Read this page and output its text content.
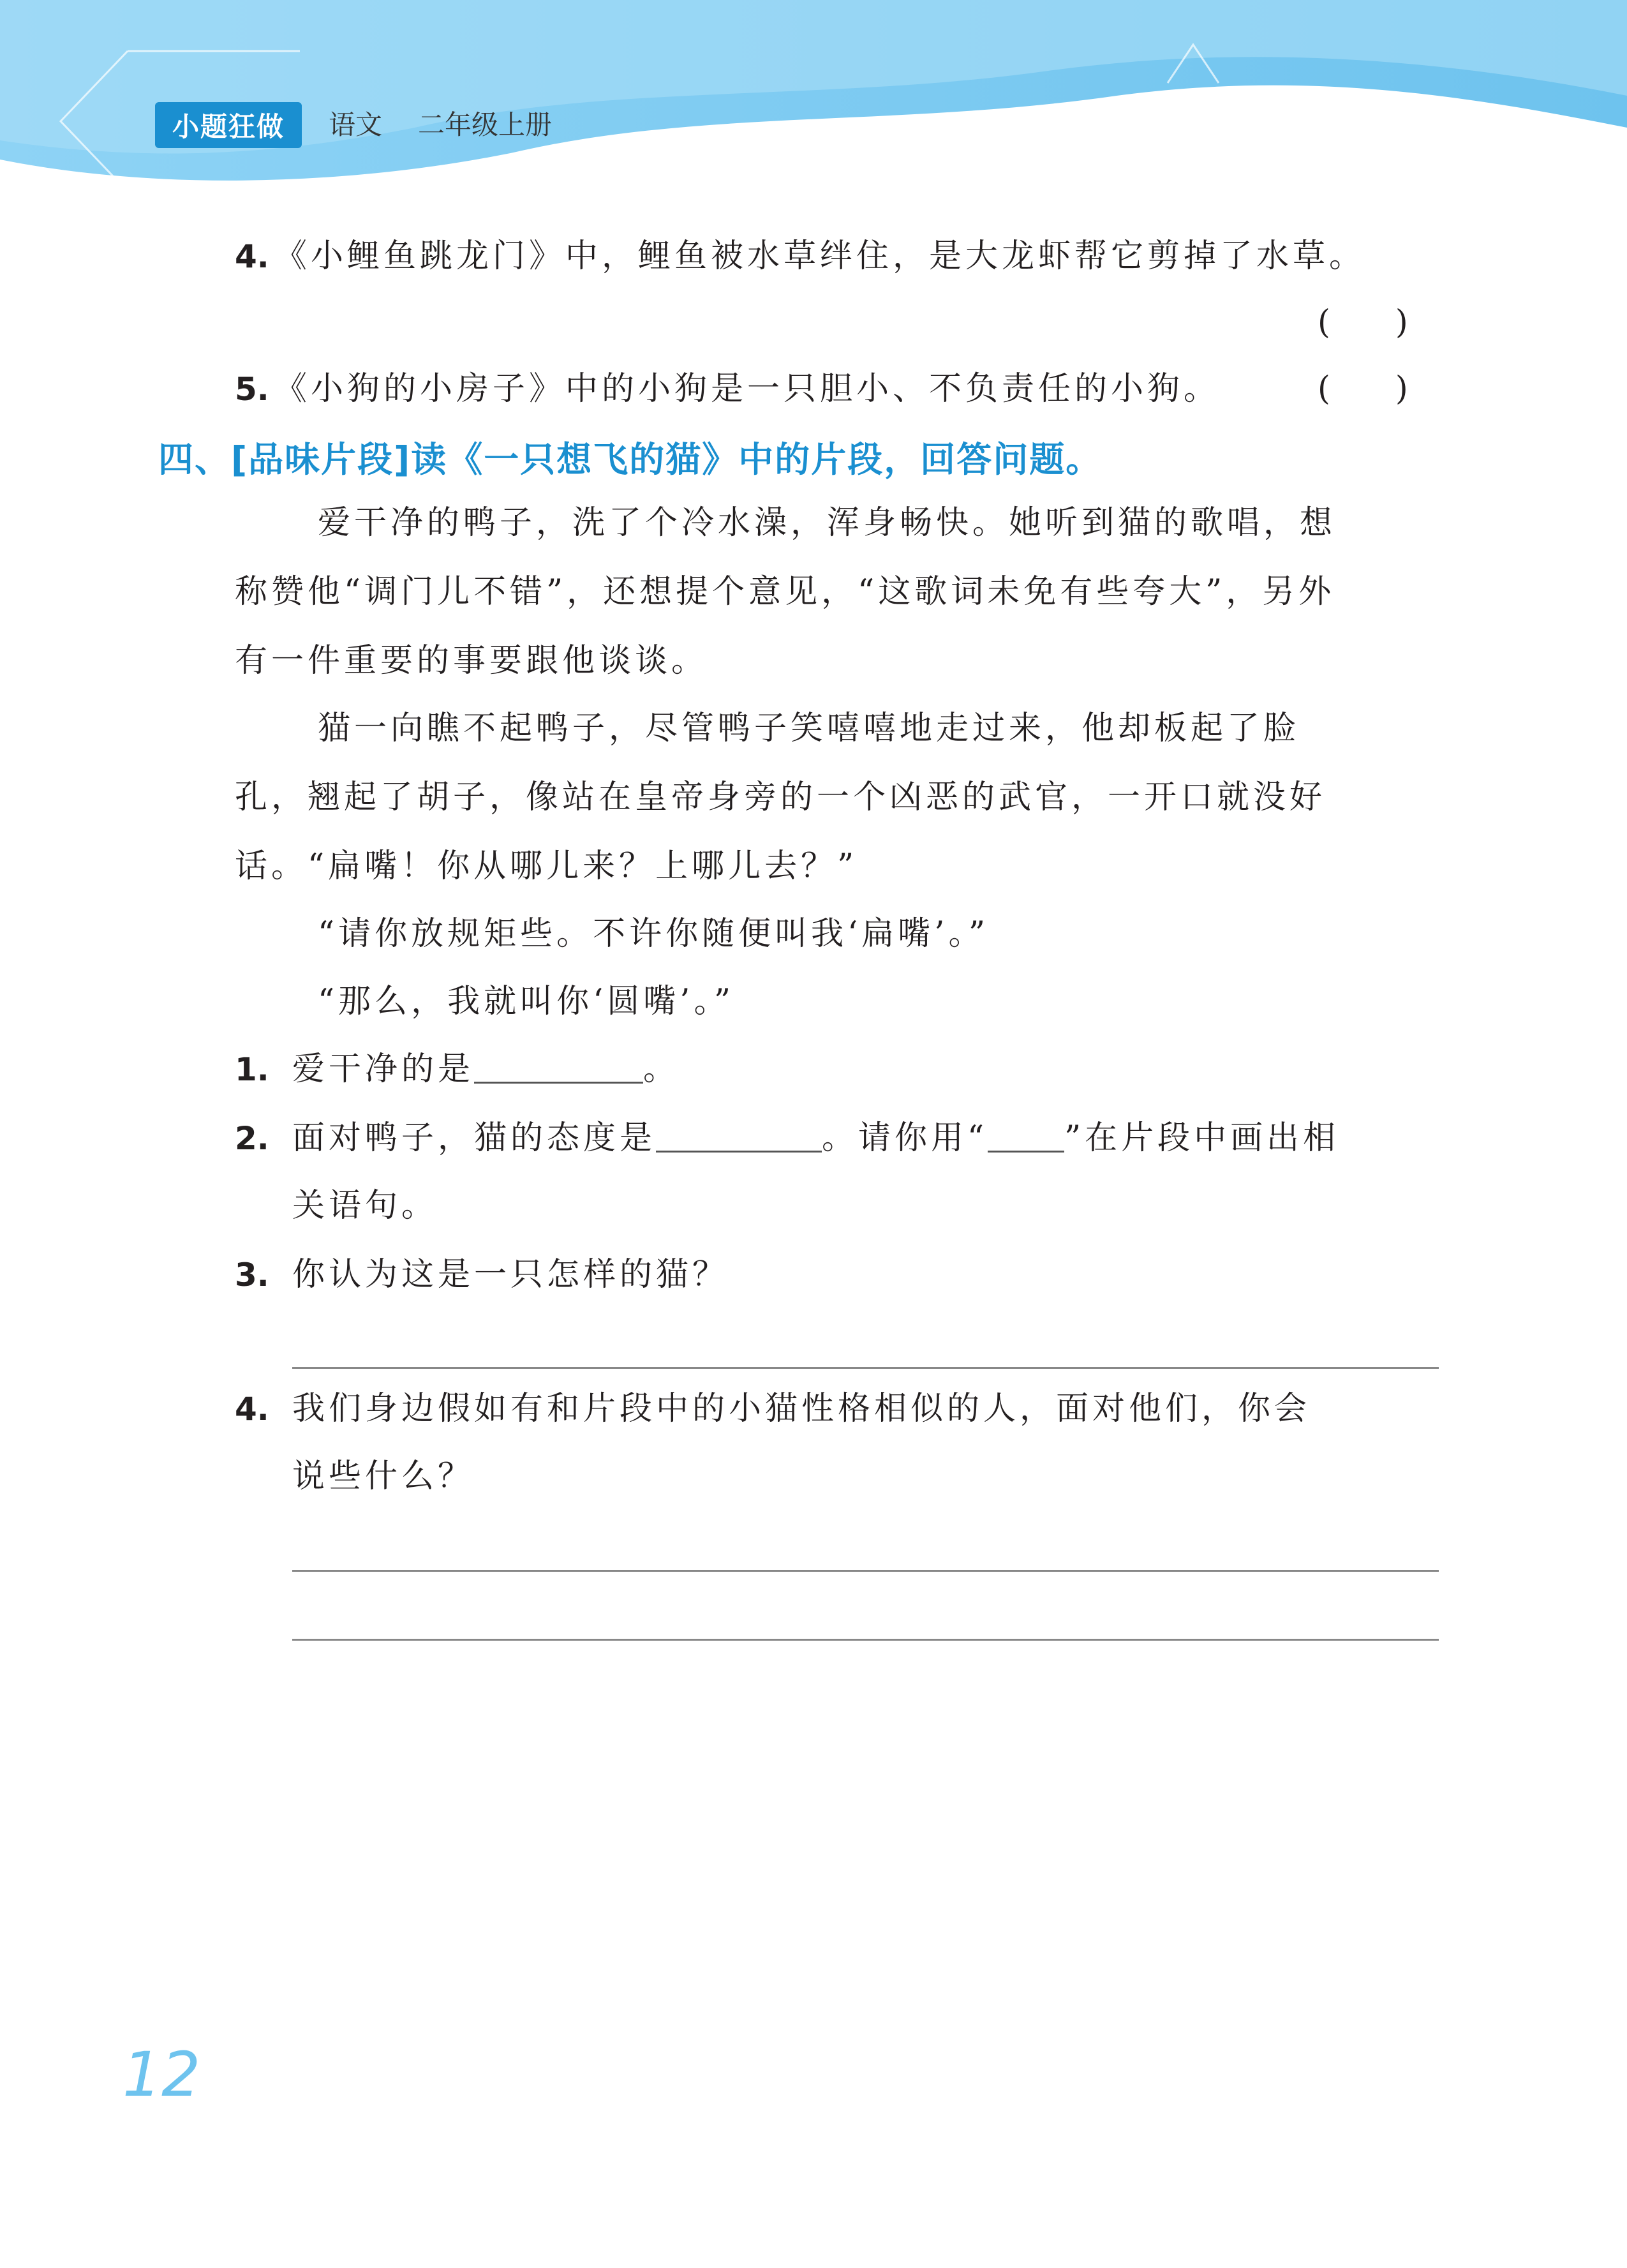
小题狂做	语文 二年级上册
4. 《小鲤鱼跳龙门》中，鲤鱼被水草绊住，是大龙虾帮它剪掉了水草。
(　　)
5. 《小狗的小房子》中的小狗是一只胆小、不负责任的小狗。	(　　)
四、[品味片段]读《一只想飞的猫》中的片段，回答问题。
爱干净的鸭子，洗了个冷水澡，浑身畅快。她听到猫的歌唱，想
称赞他“调门儿不错”，还想提个意见，“这歌词未免有些夸大”，另外
有一件重要的事要跟他谈谈。
猫一向瞧不起鸭子，尽管鸭子笑嘻嘻地走过来，他却板起了脸
孔，翘起了胡子，像站在皇帝身旁的一个凶恶的武官，一开口就没好
话。“扁嘴！你从哪儿来？上哪儿去？”
“请你放规矩些。不许你随便叫我‘扁嘴’。”
“那么，我就叫你‘圆嘴’。”
1. 爱干净的是	。
2. 面对鸭子，猫的态度是	。请你用“ ”在片段中画出相
关语句。
3. 你认为这是一只怎样的猫？
4. 我们身边假如有和片段中的小猫性格相似的人，面对他们，你会
说些什么？
12
